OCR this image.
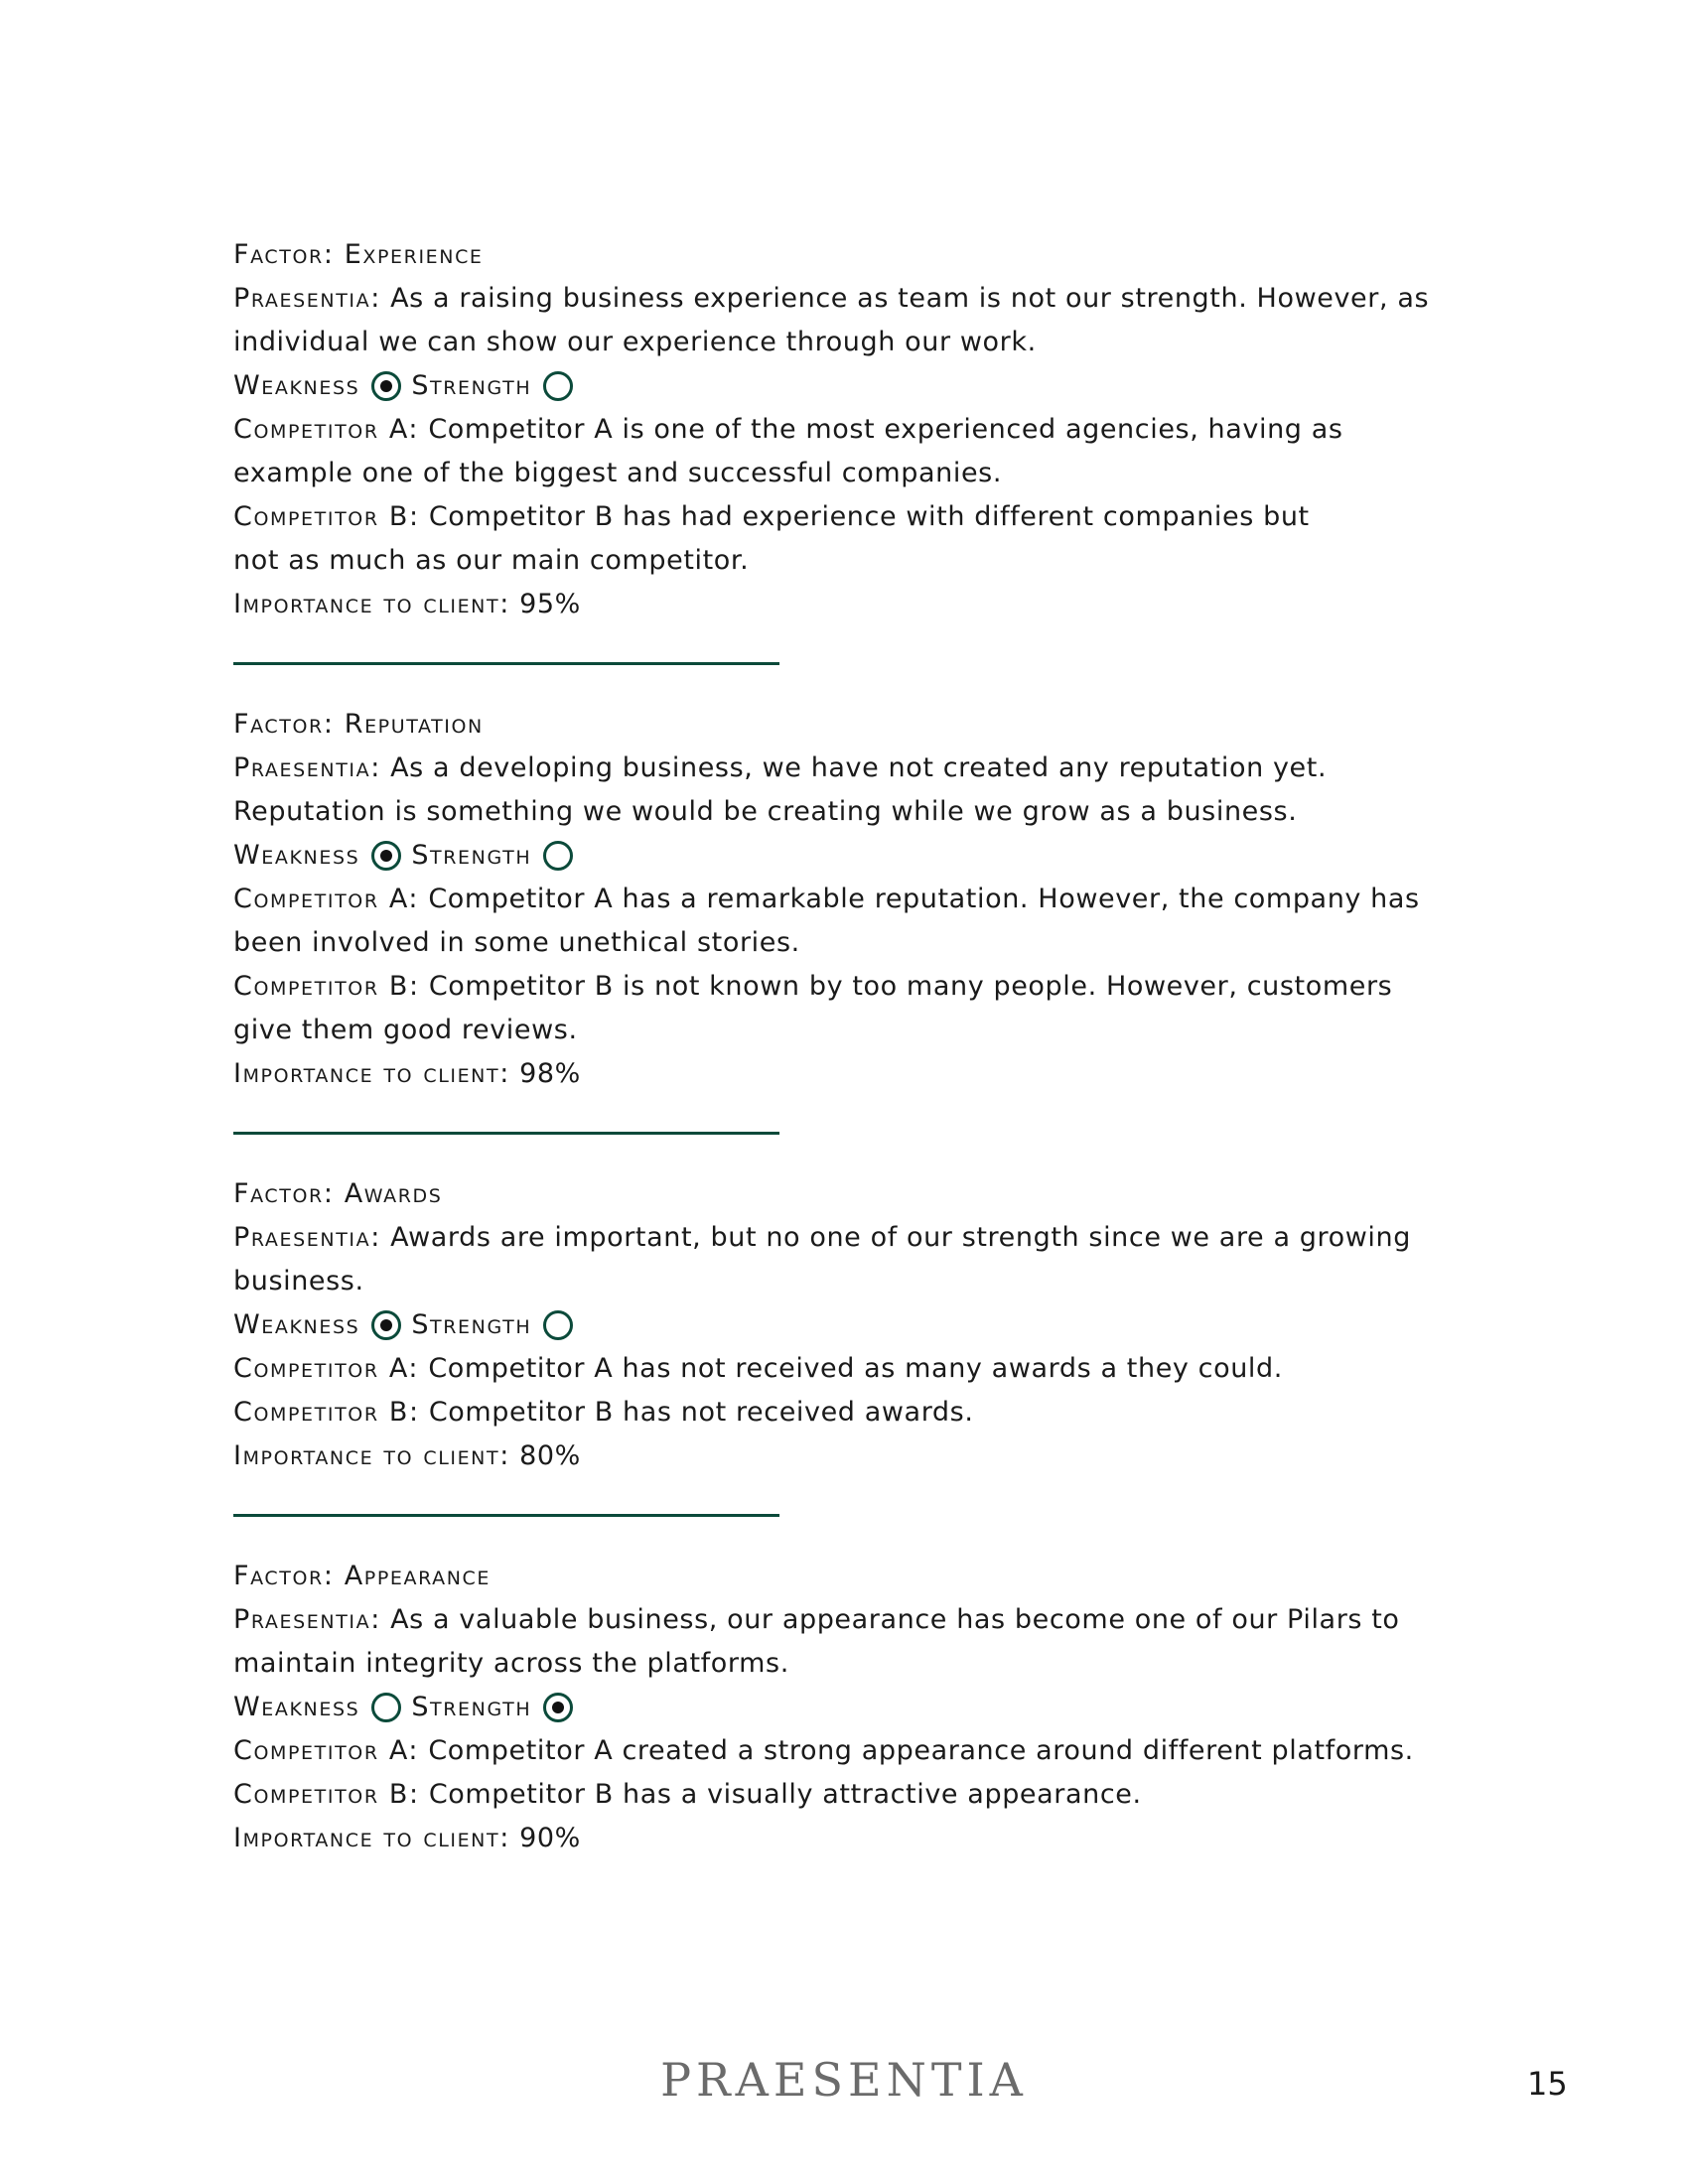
Factor: Experience

Praesentia: As a raising business experience as team is not our strength. However, as

individual we can show our experience through our work.

Weakness Strength

Competitor A: Competitor A is one of the most experienced agencies, having as

example one of the biggest and successful companies.

Competitor B: Competitor B has had experience with different companies but

not as much as our main competitor.

Importance to client: 95%

Factor: Reputation

Praesentia: As a developing business, we have not created any reputation yet.

Reputation is something we would be creating while we grow as a business.

Weakness Strength

Competitor A: Competitor A has a remarkable reputation. However, the company has

been involved in some unethical stories.

Competitor B: Competitor B is not known by too many people. However, customers

give them good reviews.

Importance to client: 98%

Factor: Awards

Praesentia: Awards are important, but no one of our strength since we are a growing

business.

Weakness Strength

Competitor A: Competitor A has not received as many awards a they could.

Competitor B: Competitor B has not received awards.

Importance to client: 80%

Factor: Appearance

Praesentia: As a valuable business, our appearance has become one of our Pilars to

maintain integrity across the platforms.

Weakness Strength

Competitor A: Competitor A created a strong appearance around different platforms.

Competitor B: Competitor B has a visually attractive appearance.

Importance to client: 90%

PRAESENTIA	15
